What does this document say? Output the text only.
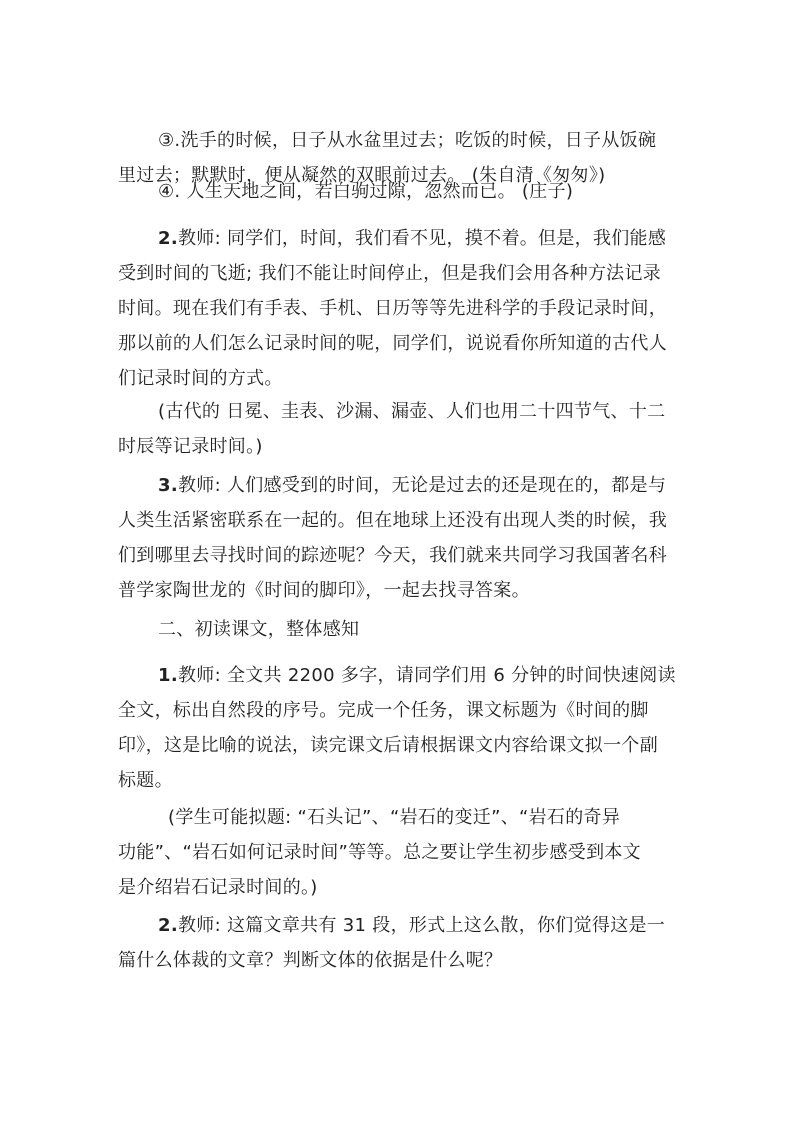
③.洗手的时候，日子从水盆里过去；吃饭的时候，日子从饭碗
里过去；默默时，便从凝然的双眼前过去。 (朱自清《匆匆》)

④. 人生天地之间，若白驹过隙，忽然而已。 (庄子)

2.教师: 同学们，时间，我们看不见，摸不着。但是，我们能感
受到时间的飞逝; 我们不能让时间停止，但是我们会用各种方法记录
时间。现在我们有手表、手机、日历等等先进科学的手段记录时间，
那以前的人们怎么记录时间的呢，同学们，说说看你所知道的古代人
们记录时间的方式。

(古代的 日冕、圭表、沙漏、漏壶、人们也用二十四节气、十二
时辰等记录时间。)

3.教师: 人们感受到的时间，无论是过去的还是现在的，都是与
人类生活紧密联系在一起的。但在地球上还没有出现人类的时候，我
们到哪里去寻找时间的踪迹呢？今天，我们就来共同学习我国著名科
普学家陶世龙的《时间的脚印》，一起去找寻答案。

二、初读课文，整体感知

1.教师: 全文共 2200 多字，请同学们用 6 分钟的时间快速阅读
全文，标出自然段的序号。完成一个任务，课文标题为《时间的脚
印》，这是比喻的说法，读完课文后请根据课文内容给课文拟一个副
标题。

(学生可能拟题: “石头记”、“岩石的变迁”、“岩石的奇异
功能”、“岩石如何记录时间”等等。总之要让学生初步感受到本文
是介绍岩石记录时间的。)

2.教师: 这篇文章共有 31 段，形式上这么散，你们觉得这是一
篇什么体裁的文章？判断文体的依据是什么呢？
